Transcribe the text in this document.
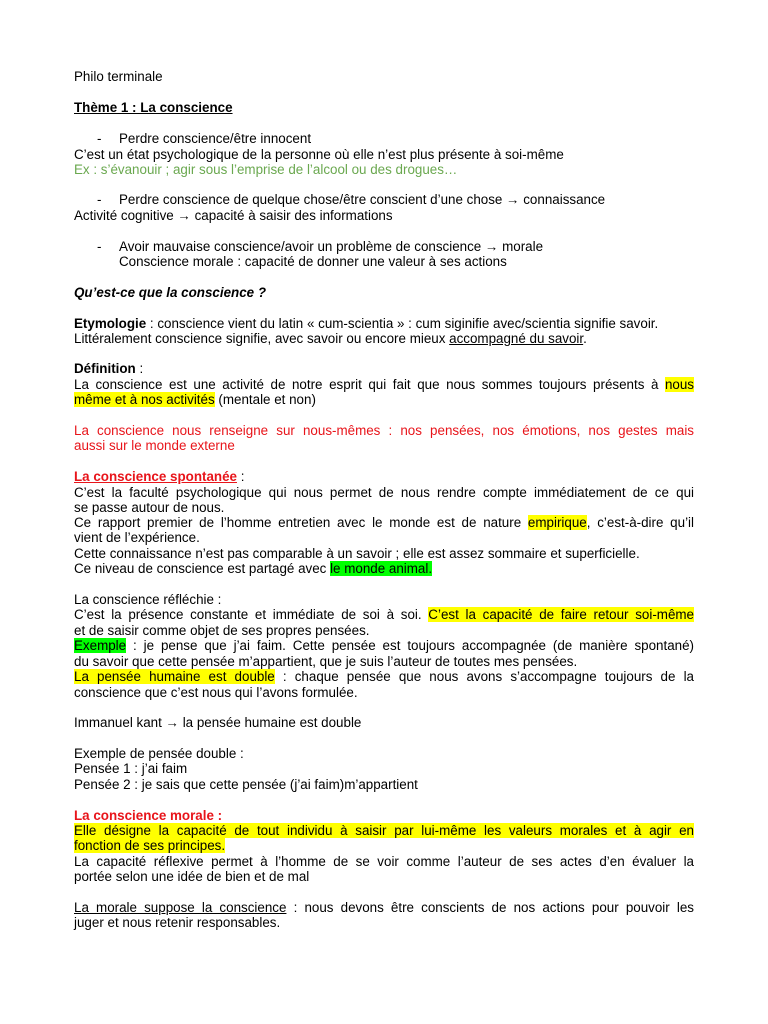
Philo terminale
Thème 1 : La conscience
- Perdre conscience/être innocent
C’est un état psychologique de la personne où elle n’est plus présente à soi-même
Ex : s’évanouir ; agir sous l’emprise de l’alcool ou des drogues…
- Perdre conscience de quelque chose/être conscient d’une chose → connaissance
Activité cognitive → capacité à saisir des informations
- Avoir mauvaise conscience/avoir un problème de conscience → morale
Conscience morale : capacité de donner une valeur à ses actions
Qu’est-ce que la conscience ?
Etymologie : conscience vient du latin « cum-scientia » : cum siginifie avec/scientia signifie savoir.
Littéralement conscience signifie, avec savoir ou encore mieux accompagné du savoir.
Définition :
La conscience est une activité de notre esprit qui fait que nous sommes toujours présents à nous
même et à nos activités (mentale et non)
La conscience nous renseigne sur nous-mêmes : nos pensées, nos émotions, nos gestes mais
aussi sur le monde externe
La conscience spontanée :
C’est la faculté psychologique qui nous permet de nous rendre compte immédiatement de ce qui
se passe autour de nous.
Ce rapport premier de l’homme entretien avec le monde est de nature empirique, c’est-à-dire qu’il
vient de l’expérience.
Cette connaissance n’est pas comparable à un savoir ; elle est assez sommaire et superficielle.
Ce niveau de conscience est partagé avec le monde animal.
La conscience réfléchie :
C’est la présence constante et immédiate de soi à soi. C’est la capacité de faire retour soi-même
et de saisir comme objet de ses propres pensées.
Exemple : je pense que j’ai faim. Cette pensée est toujours accompagnée (de manière spontané)
du savoir que cette pensée m’appartient, que je suis l’auteur de toutes mes pensées.
La pensée humaine est double : chaque pensée que nous avons s’accompagne toujours de la
conscience que c’est nous qui l’avons formulée.
Immanuel kant → la pensée humaine est double
Exemple de pensée double :
Pensée 1 : j’ai faim
Pensée 2 : je sais que cette pensée (j’ai faim)m’appartient
La conscience morale :
Elle désigne la capacité de tout individu à saisir par lui-même les valeurs morales et à agir en
fonction de ses principes.
La capacité réflexive permet à l’homme de se voir comme l’auteur de ses actes d’en évaluer la
portée selon une idée de bien et de mal
La morale suppose la conscience : nous devons être conscients de nos actions pour pouvoir les
juger et nous retenir responsables.
